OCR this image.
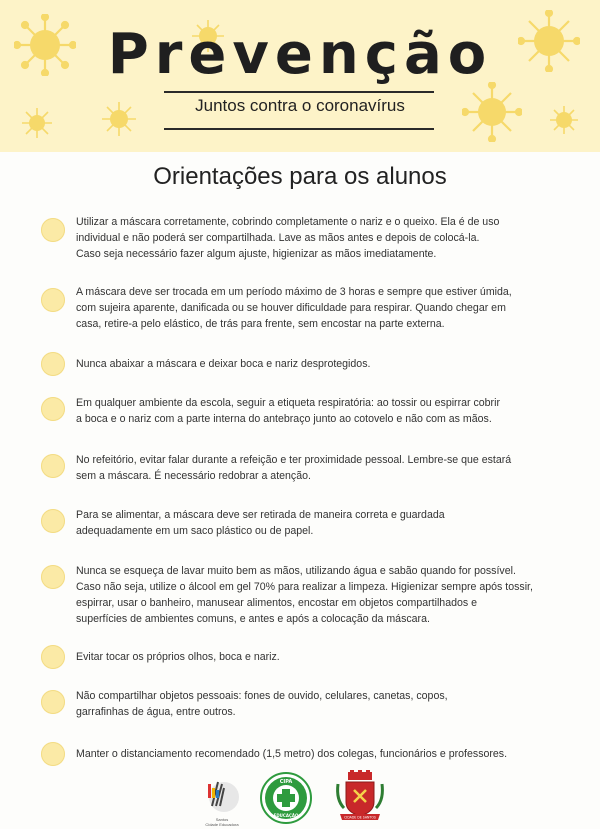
Prevenção
Juntos contra o coronavírus
Orientações para os alunos
Utilizar a máscara corretamente, cobrindo completamente o nariz e o queixo. Ela é de uso
individual e não poderá ser compartilhada. Lave as mãos antes e depois de colocá-la.
Caso seja necessário fazer algum ajuste, higienizar as mãos imediatamente.
A máscara deve ser trocada em um período máximo de 3 horas e sempre que estiver úmida,
com sujeira aparente, danificada ou se houver dificuldade para respirar. Quando chegar em
casa, retire-a pelo elástico, de trás para frente, sem encostar na parte externa.
Nunca abaixar a máscara e deixar boca e nariz desprotegidos.
Em qualquer ambiente da escola, seguir a etiqueta respiratória: ao tossir ou espirrar cobrir
a boca e o nariz com a parte interna do antebraço junto ao cotovelo e não com as mãos.
No refeitório, evitar falar durante a refeição e ter proximidade pessoal. Lembre-se que estará
sem a máscara. É necessário redobrar a atenção.
Para se alimentar, a máscara deve ser retirada de maneira correta e guardada
adequadamente em um saco plástico ou de papel.
Nunca se esqueça de lavar muito bem as mãos, utilizando água e sabão quando for possível.
Caso não seja, utilize o álcool em gel 70% para realizar a limpeza. Higienizar sempre após tossir,
espirrar, usar o banheiro, manusear alimentos, encostar em objetos compartilhados e
superfícies de ambientes comuns, e antes e após a colocação da máscara.
Evitar tocar os próprios olhos, boca e nariz.
Não compartilhar objetos pessoais: fones de ouvido, celulares, canetas, copos,
garrafinhas de água, entre outros.
Manter o distanciamento recomendado (1,5 metro) dos colegas, funcionários e professores.
Santos
Cidade Educadora
CIPA
EDUCAÇÃO	CIDADE DE SANTOS
